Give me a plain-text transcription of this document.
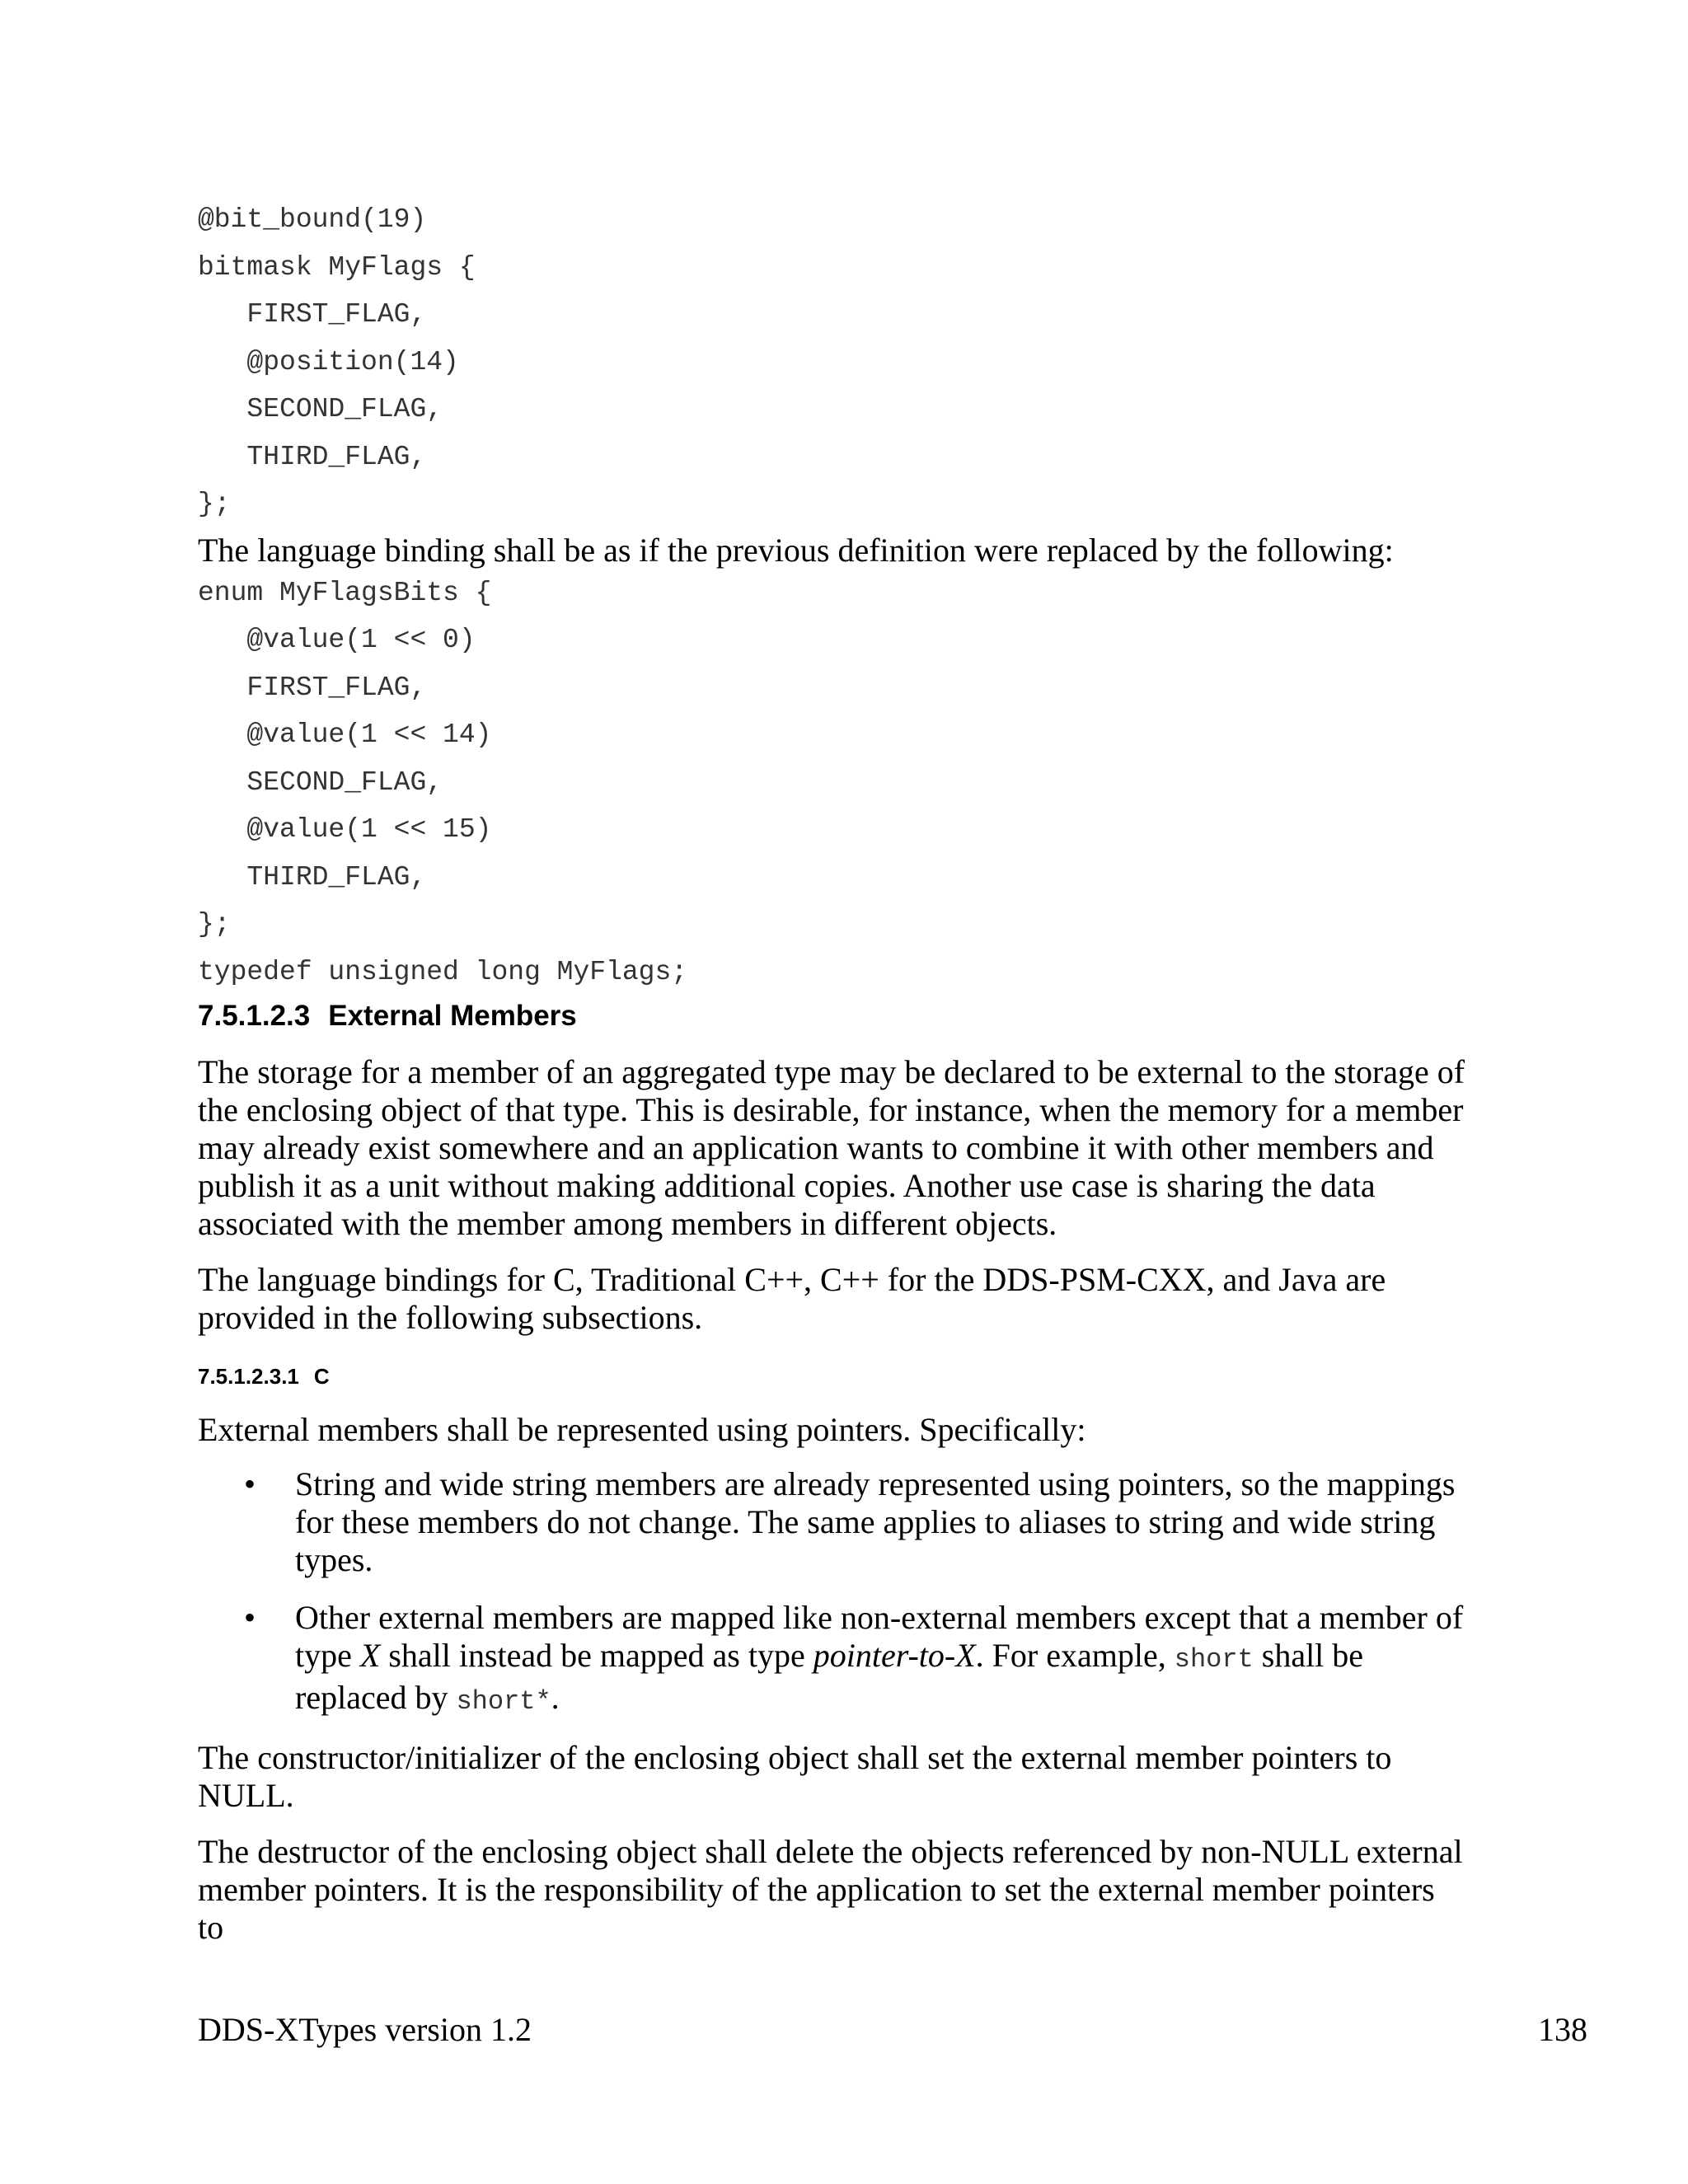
@bit_bound(19)

bitmask MyFlags {

FIRST_FLAG,

@position(14)

SECOND_FLAG,

THIRD_FLAG,

};

The language binding shall be as if the previous definition were replaced by the following:

enum MyFlagsBits {

@value(1 << 0)

FIRST_FLAG,

@value(1 << 14)

SECOND_FLAG,

@value(1 << 15)

THIRD_FLAG,

};

typedef unsigned long MyFlags;

7.5.1.2.3 External Members

The storage for a member of an aggregated type may be declared to be external to the storage of the enclosing object of that type. This is desirable, for instance, when the memory for a member may already exist somewhere and an application wants to combine it with other members and publish it as a unit without making additional copies. Another use case is sharing the data associated with the member among members in different objects.

The language bindings for C, Traditional C++, C++ for the DDS-PSM-CXX, and Java are provided in the following subsections.

7.5.1.2.3.1 C

External members shall be represented using pointers. Specifically:

• String and wide string members are already represented using pointers, so the mappings for these members do not change. The same applies to aliases to string and wide string types.
• Other external members are mapped like non-external members except that a member of type X shall instead be mapped as type pointer-to-X. For example, short shall be replaced by short*.

The constructor/initializer of the enclosing object shall set the external member pointers to NULL.

The destructor of the enclosing object shall delete the objects referenced by non-NULL external member pointers. It is the responsibility of the application to set the external member pointers to

DDS-XTypes version 1.2	138
